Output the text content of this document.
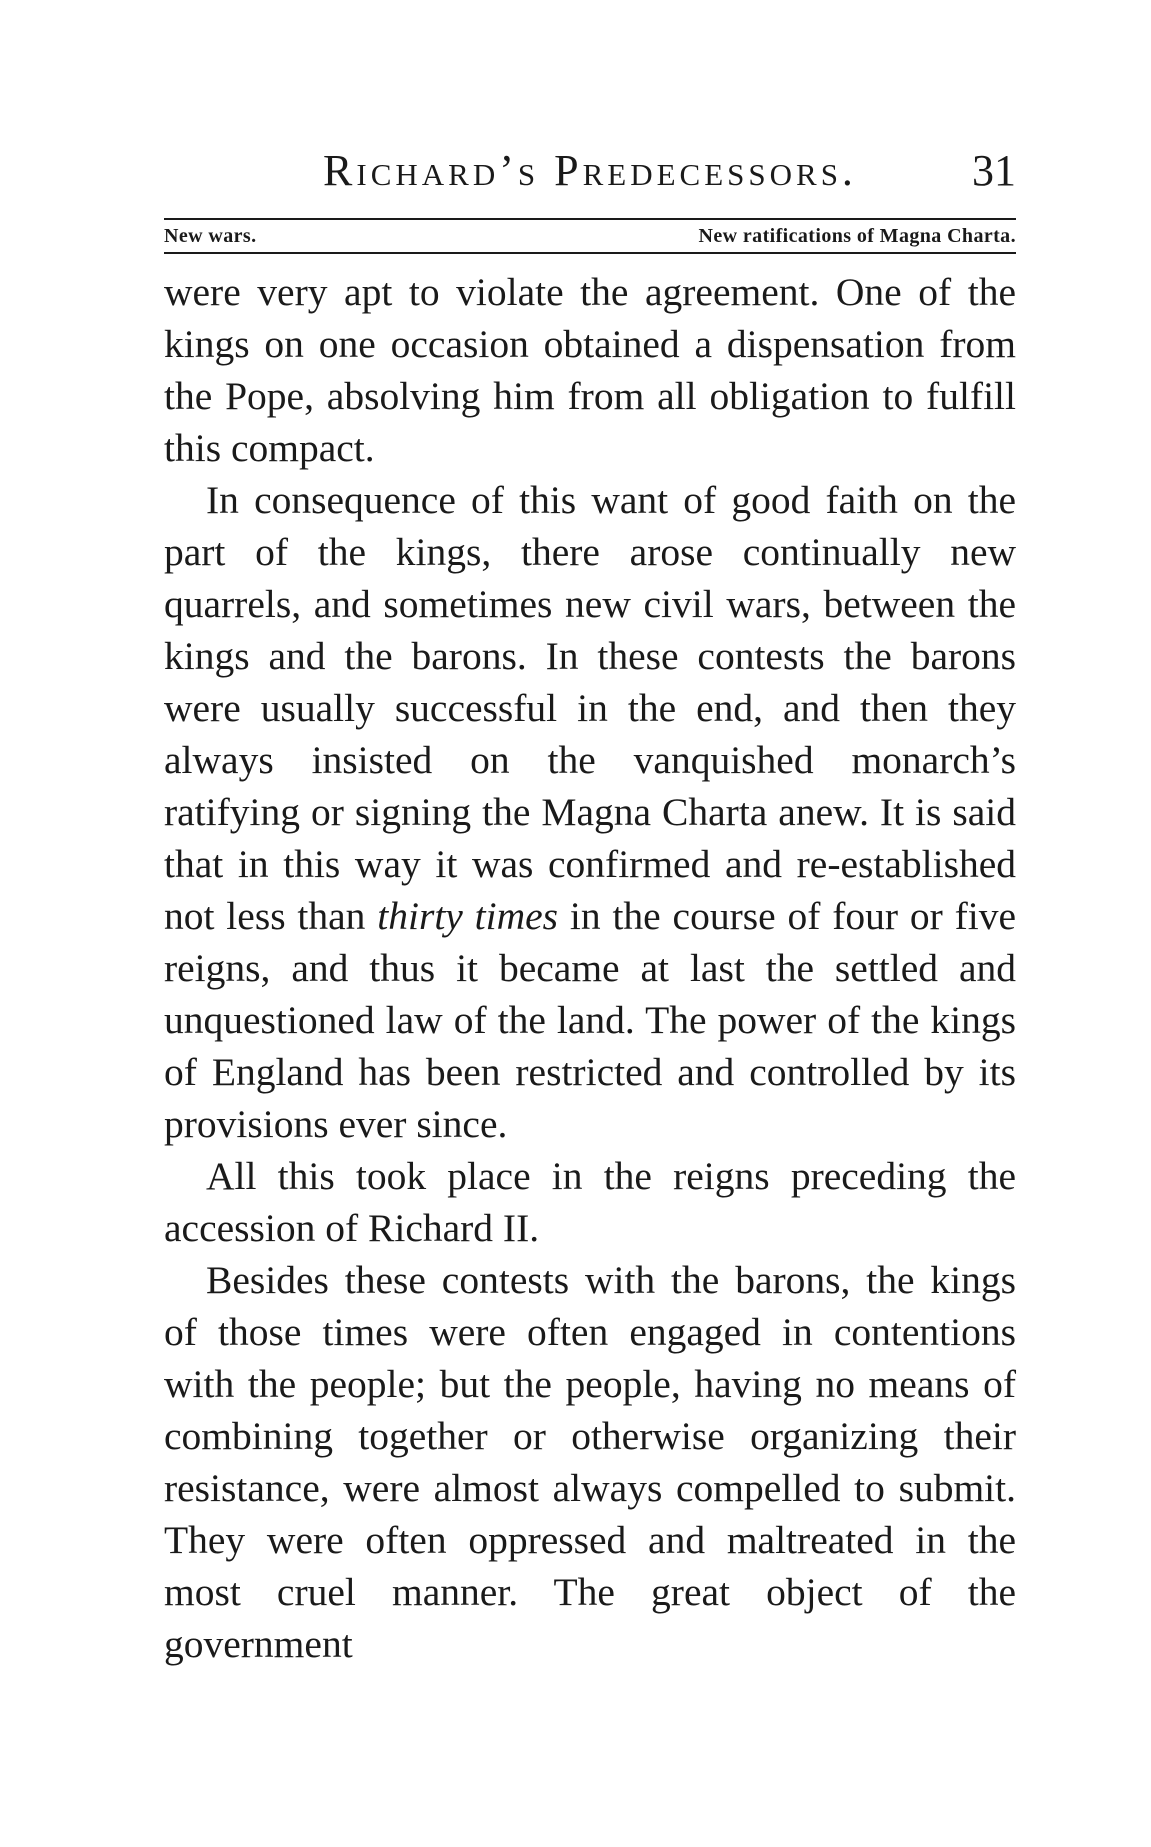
Richard’s Predecessors.	31
New wars.	New ratifications of Magna Charta.

were very apt to violate the agreement. One of the kings on one occasion obtained a dispensation from the Pope, absolving him from all obligation to fulfill this compact.

In consequence of this want of good faith on the part of the kings, there arose continually new quarrels, and sometimes new civil wars, between the kings and the barons. In these contests the barons were usually successful in the end, and then they always insisted on the vanquished monarch’s ratifying or signing the Magna Charta anew. It is said that in this way it was confirmed and re-established not less than thirty times in the course of four or five reigns, and thus it became at last the settled and unquestioned law of the land. The power of the kings of England has been restricted and controlled by its provisions ever since.

All this took place in the reigns preceding the accession of Richard II.

Besides these contests with the barons, the kings of those times were often engaged in contentions with the people; but the people, having no means of combining together or otherwise organizing their resistance, were almost always compelled to submit. They were often oppressed and maltreated in the most cruel manner. The great object of the government
